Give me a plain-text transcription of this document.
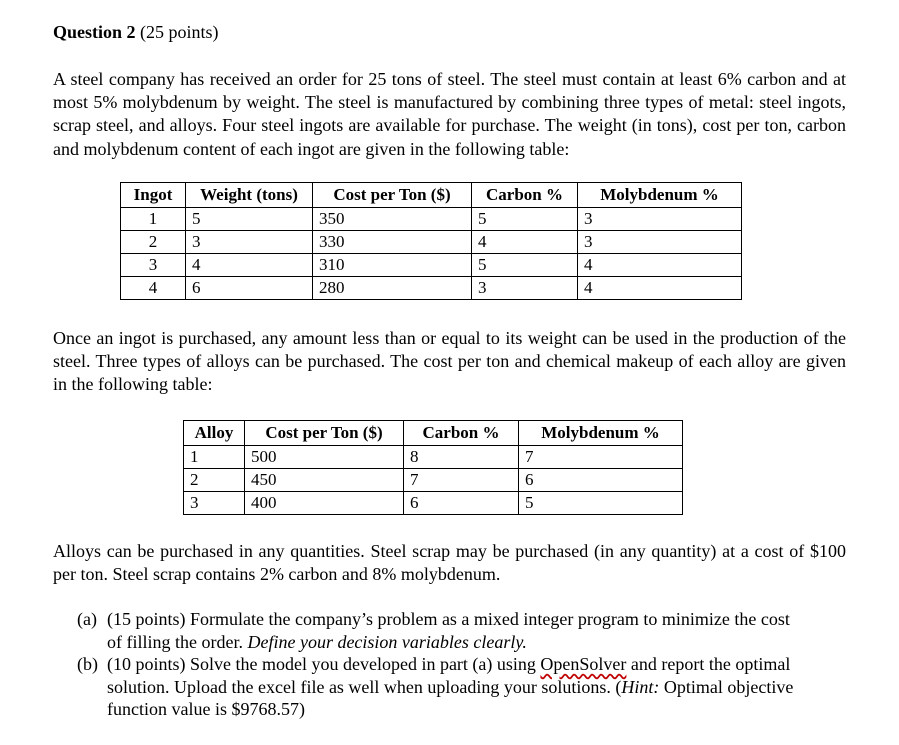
Question 2 (25 points)
A steel company has received an order for 25 tons of steel. The steel must contain at least 6% carbon and at most 5% molybdenum by weight. The steel is manufactured by combining three types of metal: steel ingots, scrap steel, and alloys. Four steel ingots are available for purchase. The weight (in tons), cost per ton, carbon and molybdenum content of each ingot are given in the following table:
Ingot	Weight (tons)	Cost per Ton ($)	Carbon %	Molybdenum %
1	5	350	5	3
2	3	330	4	3
3	4	310	5	4
4	6	280	3	4
Once an ingot is purchased, any amount less than or equal to its weight can be used in the production of the steel. Three types of alloys can be purchased. The cost per ton and chemical makeup of each alloy are given in the following table:
Alloy	Cost per Ton ($)	Carbon %	Molybdenum %
1	500	8	7
2	450	7	6
3	400	6	5
Alloys can be purchased in any quantities. Steel scrap may be purchased (in any quantity) at a cost of $100 per ton. Steel scrap contains 2% carbon and 8% molybdenum.
(a) (15 points) Formulate the company’s problem as a mixed integer program to minimize the cost of filling the order. Define your decision variables clearly.
(b) (10 points) Solve the model you developed in part (a) using OpenSolver and report the optimal solution. Upload the excel file as well when uploading your solutions. (Hint: Optimal objective function value is $9768.57)
